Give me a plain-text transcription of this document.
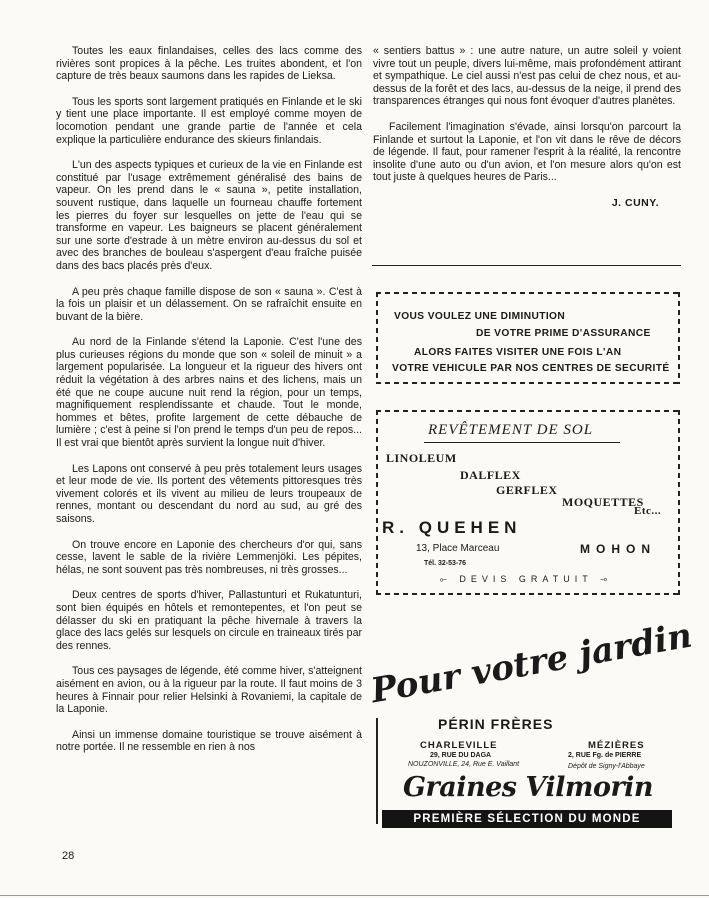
Toutes les eaux finlandaises, celles des lacs comme des rivières sont propices à la pêche. Les truites abondent, et l'on capture de très beaux saumons dans les rapides de Lieksa.

Tous les sports sont largement pratiqués en Finlande et le ski y tient une place importante. Il est employé comme moyen de locomotion pendant une grande partie de l'année et cela explique la particulière endurance des skieurs finlandais.

L'un des aspects typiques et curieux de la vie en Finlande est constitué par l'usage extrêmement généralisé des bains de vapeur. On les prend dans le « sauna », petite installation, souvent rustique, dans laquelle un fourneau chauffe fortement les pierres du foyer sur lesquelles on jette de l'eau qui se transforme en vapeur. Les baigneurs se placent généralement sur une sorte d'estrade à un mètre environ au-dessus du sol et avec des branches de bouleau s'aspergent d'eau fraîche puisée dans des bacs placés près d'eux.

A peu près chaque famille dispose de son « sauna ». C'est à la fois un plaisir et un délassement. On se rafraîchit ensuite en buvant de la bière.

Au nord de la Finlande s'étend la Laponie. C'est l'une des plus curieuses régions du monde que son « soleil de minuit » a largement popularisée. La longueur et la rigueur des hivers ont réduit la végétation à des arbres nains et des lichens, mais un été que ne coupe aucune nuit rend la région, pour un temps, magnifiquement resplendissante et chaude. Tout le monde, hommes et bêtes, profite largement de cette débauche de lumière ; c'est à peine si l'on prend le temps d'un peu de repos... Il est vrai que bientôt après survient la longue nuit d'hiver.

Les Lapons ont conservé à peu près totalement leurs usages et leur mode de vie. Ils portent des vêtements pittoresques très vivement colorés et ils vivent au milieu de leurs troupeaux de rennes, montant ou descendant du nord au sud, au gré des saisons.

On trouve encore en Laponie des chercheurs d'or qui, sans cesse, lavent le sable de la rivière Lemmenjöki. Les pépites, hélas, ne sont souvent pas très nombreuses, ni très grosses...

Deux centres de sports d'hiver, Pallastunturi et Rukatunturi, sont bien équipés en hôtels et remontepentes, et l'on peut se délasser du ski en pratiquant la pêche hivernale à travers la glace des lacs gelés sur lesquels on circule en traineaux tirés par des rennes.

Tous ces paysages de légende, été comme hiver, s'atteignent aisément en avion, ou à la rigueur par la route. Il faut moins de 3 heures à Finnair pour relier Helsinki à Rovaniemi, la capitale de la Laponie.

Ainsi un immense domaine touristique se trouve aisément à notre portée. Il ne ressemble en rien à nos

« sentiers battus » : une autre nature, un autre soleil y voient vivre tout un peuple, divers lui-même, mais profondément attirant et sympathique. Le ciel aussi n'est pas celui de chez nous, et au-dessus de la forêt et des lacs, au-dessus de la neige, il prend des transparences étranges qui nous font évoquer d'autres planètes.

Facilement l'imagination s'évade, ainsi lorsqu'on parcourt la Finlande et surtout la Laponie, et l'on vit dans le rêve de décors de légende. Il faut, pour ramener l'esprit à la réalité, la rencontre insolite d'une auto ou d'un avion, et l'on mesure alors qu'on est tout juste à quelques heures de Paris...

J. CUNY.
VOUS VOULEZ UNE DIMINUTION
DE VOTRE PRIME D'ASSURANCE
ALORS FAITES VISITER UNE FOIS L'AN
VOTRE VEHICULE PAR NOS CENTRES DE SECURITÉ
REVÊTEMENT DE SOL
LINOLEUM
DALFLEX
GERFLEX
MOQUETTES
Etc...
R. QUEHEN
13, Place Marceau	MOHON
Tél. 32-53-76
⟜ DEVIS GRATUIT ⊸
Pour votre jardin
PÉRIN FRÈRES
CHARLEVILLE
29, RUE DU DAGA
NOUZONVILLE, 24, Rue E. Vaillant
MÉZIÈRES
2, RUE Fg. de PIERRE
Dépôt de Signy-l'Abbaye
Graines Vilmorin
PREMIÈRE SÉLECTION DU MONDE
28
